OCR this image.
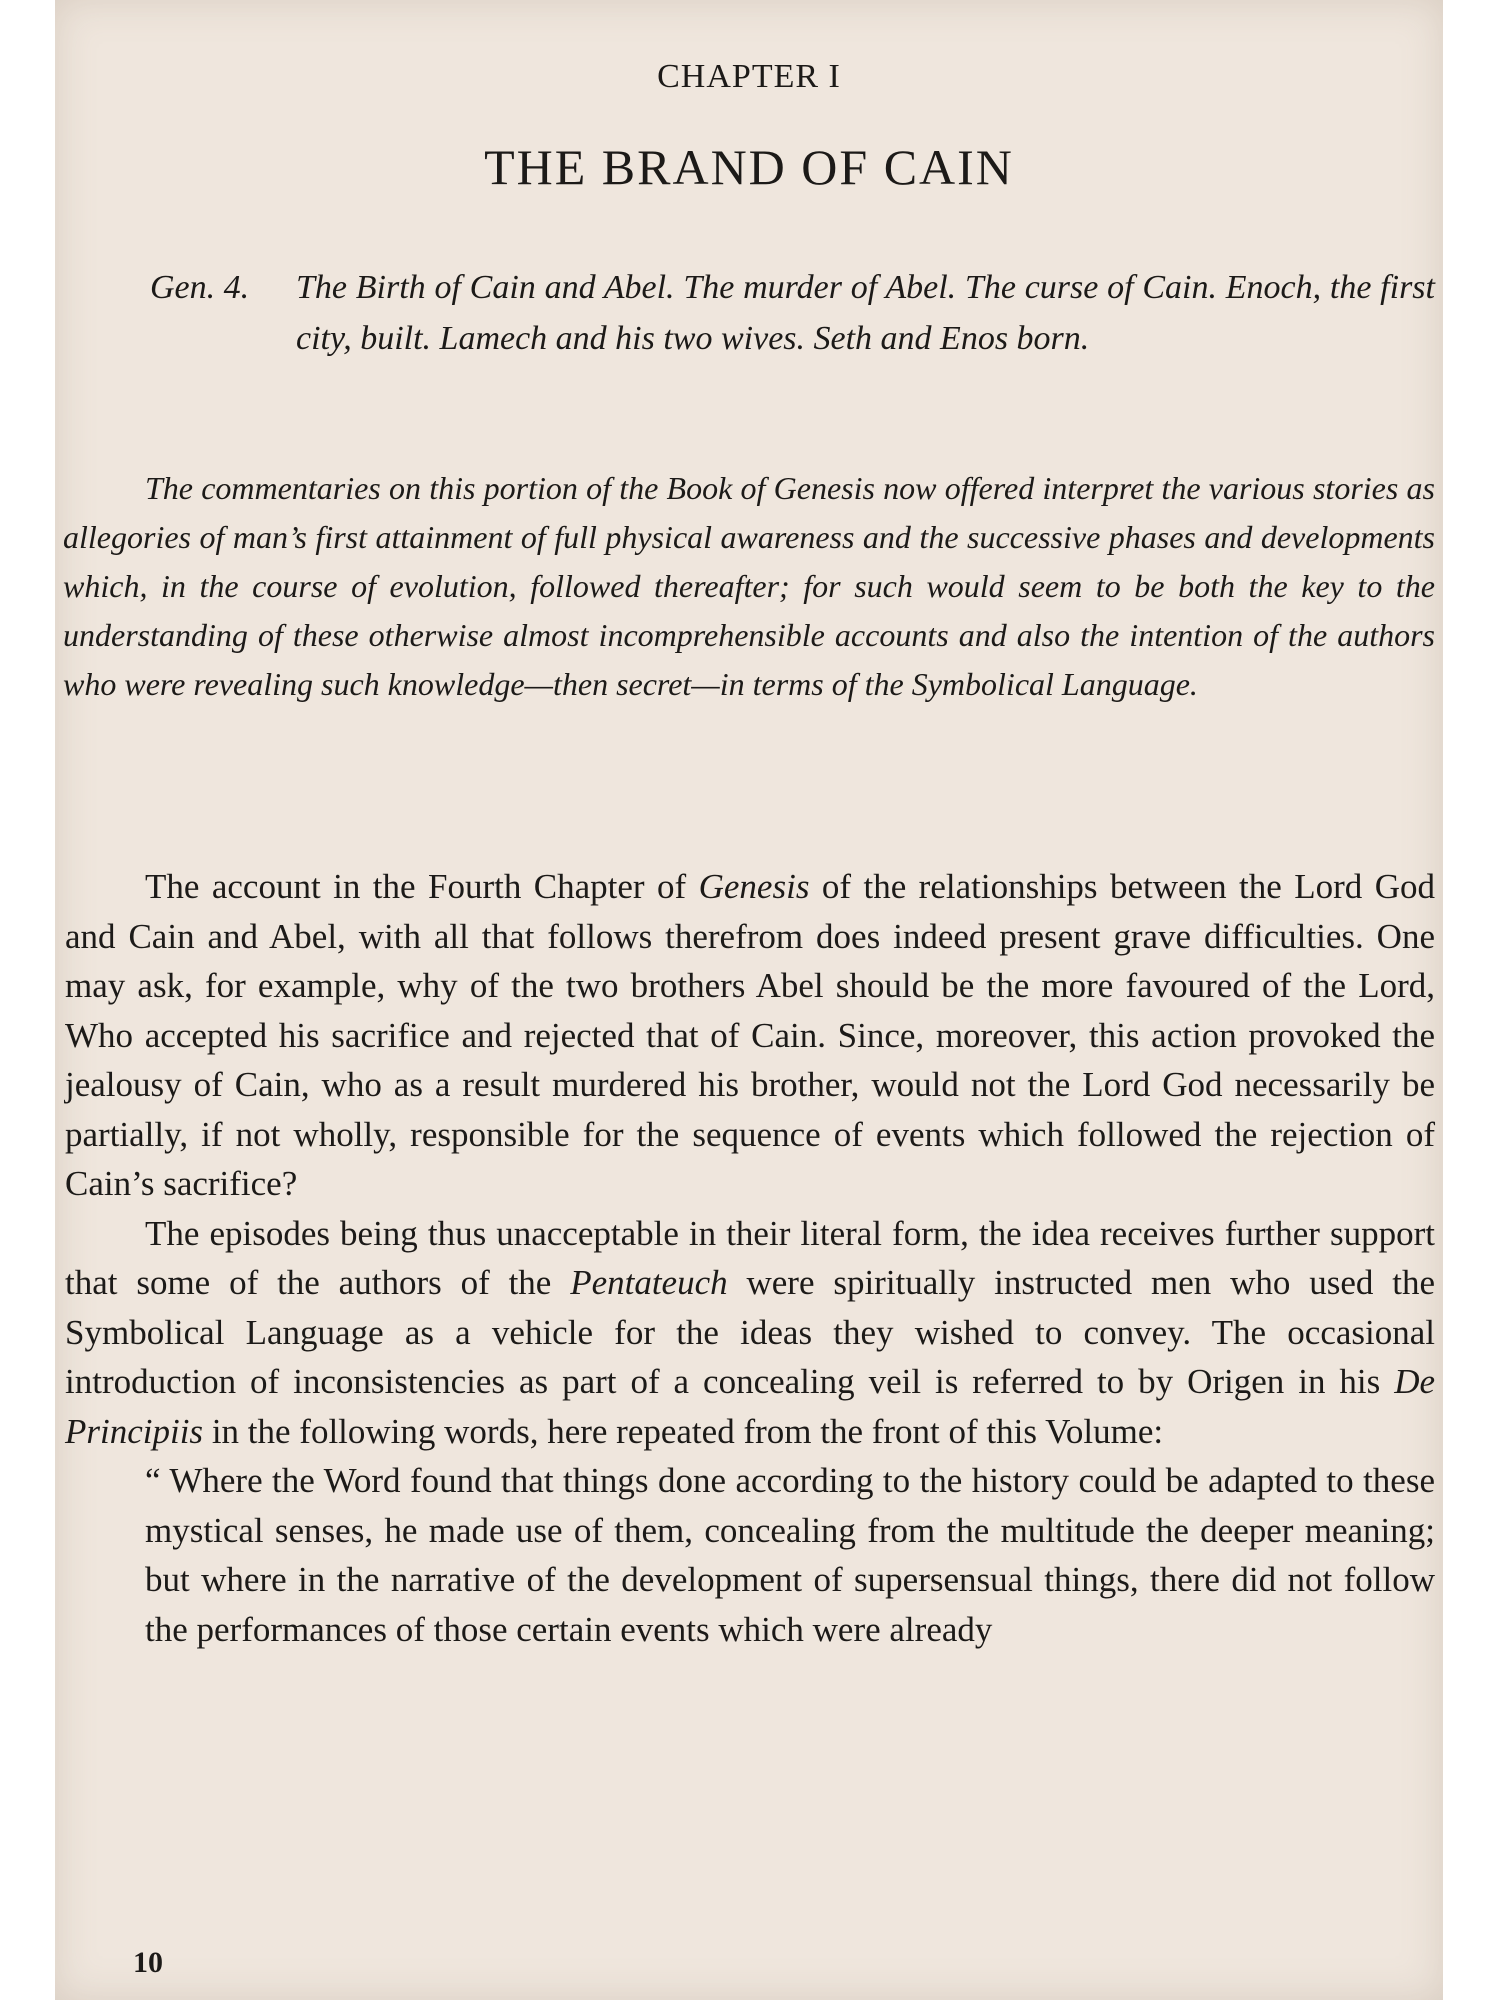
CHAPTER I
THE BRAND OF CAIN
Gen. 4. The Birth of Cain and Abel. The murder of Abel. The curse of Cain. Enoch, the first city, built. Lamech and his two wives. Seth and Enos born.

The commentaries on this portion of the Book of Genesis now offered interpret the various stories as allegories of man’s first attainment of full physical awareness and the successive phases and developments which, in the course of evolution, followed thereafter; for such would seem to be both the key to the understanding of these otherwise almost incomprehensible accounts and also the intention of the authors who were revealing such knowledge—then secret—in terms of the Symbolical Language.

The account in the Fourth Chapter of Genesis of the relationships between the Lord God and Cain and Abel, with all that follows therefrom does indeed present grave difficulties. One may ask, for example, why of the two brothers Abel should be the more favoured of the Lord, Who accepted his sacrifice and rejected that of Cain. Since, moreover, this action provoked the jealousy of Cain, who as a result murdered his brother, would not the Lord God necessarily be partially, if not wholly, responsible for the sequence of events which followed the rejection of Cain’s sacrifice?

The episodes being thus unacceptable in their literal form, the idea receives further support that some of the authors of the Pentateuch were spiritually instructed men who used the Symbolical Language as a vehicle for the ideas they wished to convey. The occasional introduction of inconsistencies as part of a concealing veil is referred to by Origen in his De Principiis in the following words, here repeated from the front of this Volume:

“ Where the Word found that things done according to the history could be adapted to these mystical senses, he made use of them, concealing from the multitude the deeper meaning; but where in the narrative of the development of supersensual things, there did not follow the performances of those certain events which were already
10
